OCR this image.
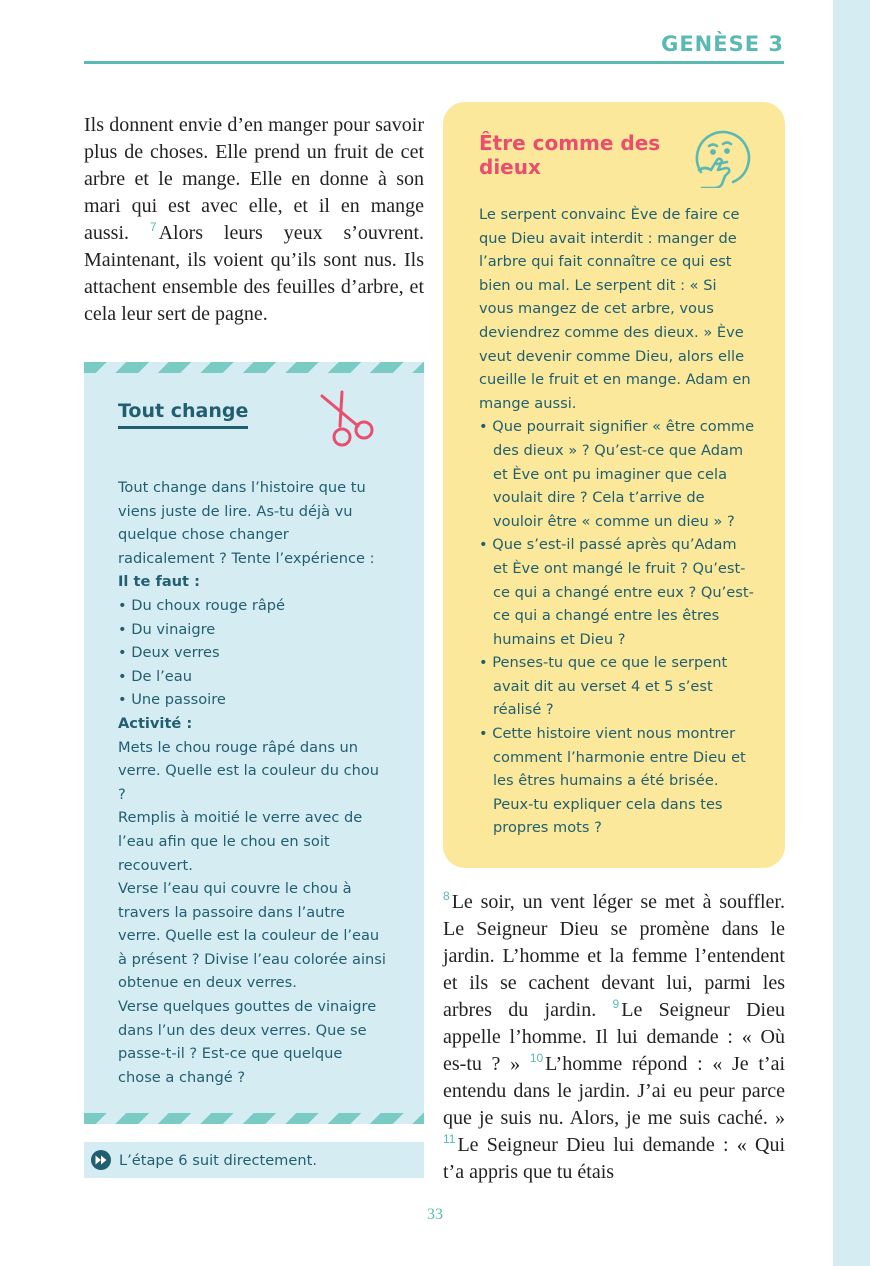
GENÈSE 3
Ils donnent envie d’en manger pour savoir plus de choses. Elle prend un fruit de cet arbre et le mange. Elle en donne à son mari qui est avec elle, et il en mange aussi. $^7$ Alors leurs yeux s’ouvrent. Maintenant, ils voient qu’ils sont nus. Ils attachent ensemble des feuilles d’arbre, et cela leur sert de pagne.
Tout change
Tout change dans l’histoire que tu viens juste de lire. As-tu déjà vu quelque chose changer radicalement ? Tente l’expérience :
Il te faut :
• Du choux rouge râpé
• Du vinaigre
• Deux verres
• De l’eau
• Une passoire
Activité :
Mets le chou rouge râpé dans un verre. Quelle est la couleur du chou ?
Remplis à moitié le verre avec de l’eau afin que le chou en soit recouvert.
Verse l’eau qui couvre le chou à travers la passoire dans l’autre verre. Quelle est la couleur de l’eau à présent ? Divise l’eau colorée ainsi obtenue en deux verres.
Verse quelques gouttes de vinaigre dans l’un des deux verres. Que se passe-t-il ? Est-ce que quelque chose a changé ?
L’étape 6 suit directement.
Être comme des dieux
Le serpent convainc Ève de faire ce que Dieu avait interdit : manger de l’arbre qui fait connaître ce qui est bien ou mal. Le serpent dit : « Si vous mangez de cet arbre, vous deviendrez comme des dieux. » Ève veut devenir comme Dieu, alors elle cueille le fruit et en mange. Adam en mange aussi.
• Que pourrait signifier « être comme des dieux » ? Qu’est-ce que Adam et Ève ont pu imaginer que cela voulait dire ? Cela t’arrive de vouloir être « comme un dieu » ?
• Que s’est-il passé après qu’Adam et Ève ont mangé le fruit ? Qu’est-ce qui a changé entre eux ? Qu’est-ce qui a changé entre les êtres humains et Dieu ?
• Penses-tu que ce que le serpent avait dit au verset 4 et 5 s’est réalisé ?
• Cette histoire vient nous montrer comment l’harmonie entre Dieu et les êtres humains a été brisée. Peux-tu expliquer cela dans tes propres mots ?
$^8$ Le soir, un vent léger se met à souffler. Le Seigneur Dieu se promène dans le jardin. L’homme et la femme l’entendent et ils se cachent devant lui, parmi les arbres du jardin. $^9$ Le Seigneur Dieu appelle l’homme. Il lui demande : « Où es-tu ? » $^{10}$ L’homme répond : « Je t’ai entendu dans le jardin. J’ai eu peur parce que je suis nu. Alors, je me suis caché. » $^{11}$ Le Seigneur Dieu lui demande : « Qui t’a appris que tu étais
33
